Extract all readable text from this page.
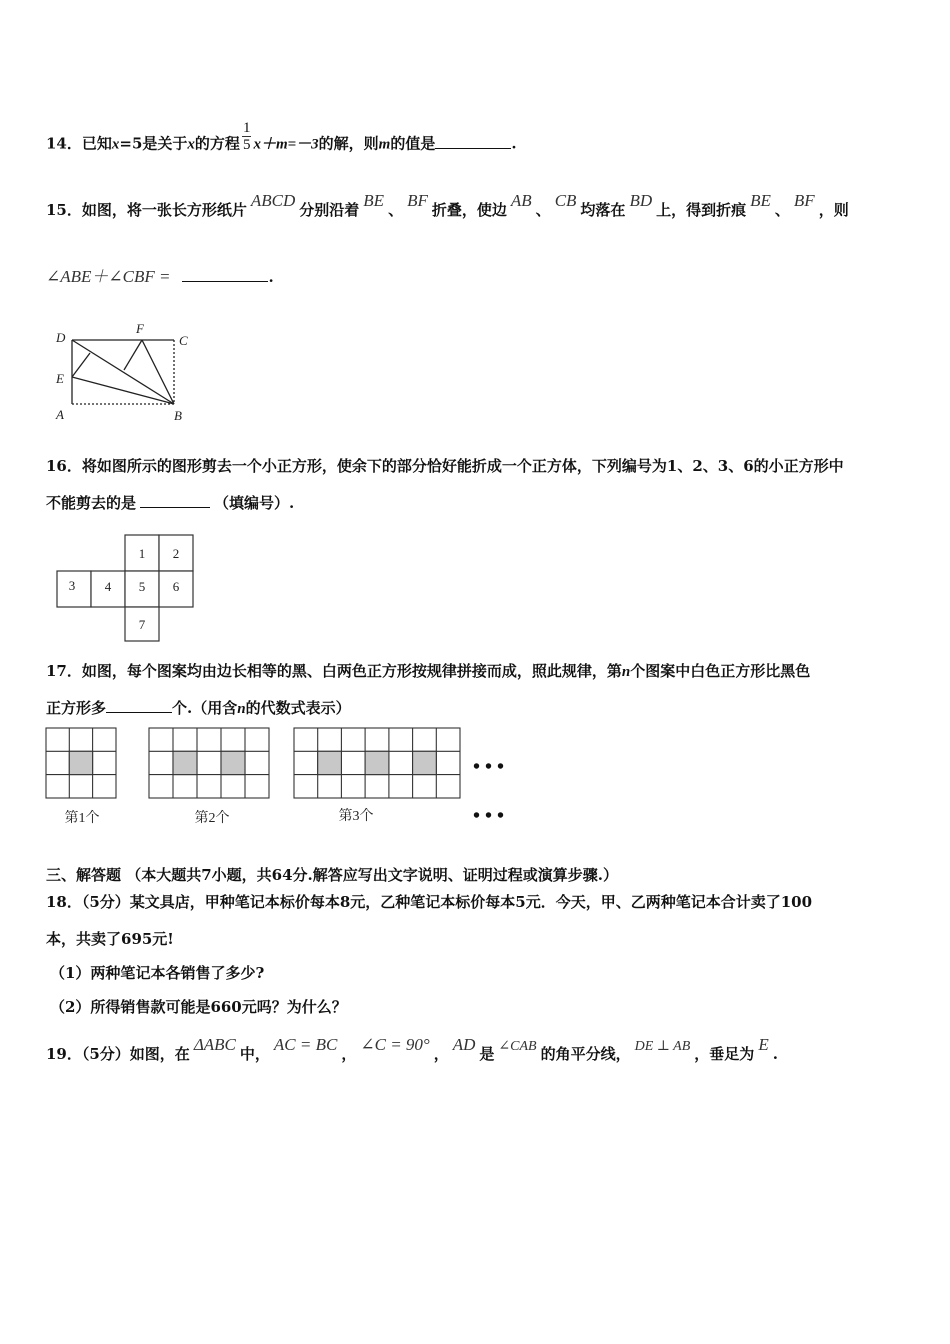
14．已知x=5是关于x的方程 $\frac{1}{5} x+m=-3$的解，则m的值是	.
15．如图，将一张长方形纸片 ABCD 分别沿着 BE 、 BF 折叠，使边 AB 、 CB 均落在 BD 上，得到折痕 BE 、 BF ，则
∠ABE＋∠CBF =	.
D
F
C
E
A	B
16．将如图所示的图形剪去一个小正方形，使余下的部分恰好能折成一个正方体，下列编号为1、2、3、6的小正方形中
不能剪去的是	（填编号）.
1 2
3 4 5 6
7
17．如图，每个图案均由边长相等的黑、白两色正方形按规律拼接而成，照此规律，第n个图案中白色正方形比黑色
正方形多	个.（用含n的代数式表示）
第1个	第2个	第3个
• • •
• • •
三、解答题 （本大题共7小题，共64分.解答应写出文字说明、证明过程或演算步骤.）
18．（5分）某文具店，甲种笔记本标价每本8元，乙种笔记本标价每本5元．今天，甲、乙两种笔记本合计卖了100
本，共卖了695元!
（1）两种笔记本各销售了多少?
（2）所得销售款可能是660元吗？为什么？
19．（5分）如图，在 ΔABC 中， AC = BC ， ∠C = 90° ， AD 是 ∠CAB 的角平分线， DE ⊥ AB ，垂足为 E .
